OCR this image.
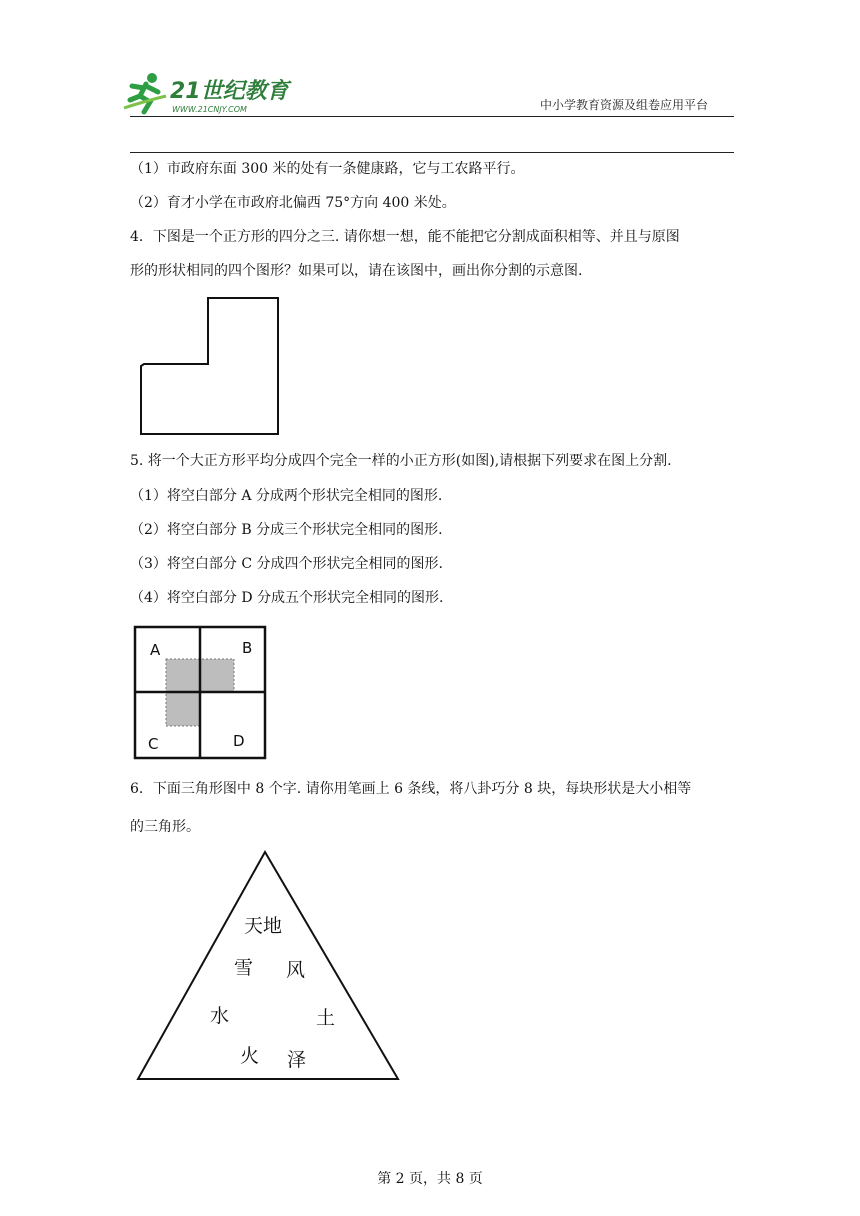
21世纪教育
WWW.21CNJY.COM	中小学教育资源及组卷应用平台
（1）市政府东面 300 米的处有一条健康路，它与工农路平行。
（2）育才小学在市政府北偏西 75°方向 400 米处。
4．下图是一个正方形的四分之三. 请你想一想，能不能把它分割成面积相等、并且与原图
形的形状相同的四个图形？如果可以，请在该图中，画出你分割的示意图.
5. 将一个大正方形平均分成四个完全一样的小正方形(如图),请根据下列要求在图上分割.
（1）将空白部分 A 分成两个形状完全相同的图形.
（2）将空白部分 B 分成三个形状完全相同的图形.
（3）将空白部分 C 分成四个形状完全相同的图形.
（4）将空白部分 D 分成五个形状完全相同的图形.
A	B
C	D
6．下面三角形图中 8 个字. 请你用笔画上 6 条线，将八卦巧分 8 块，每块形状是大小相等
的三角形。
天地
雪 风
水	土
火 泽
第 2 页，共 8 页
